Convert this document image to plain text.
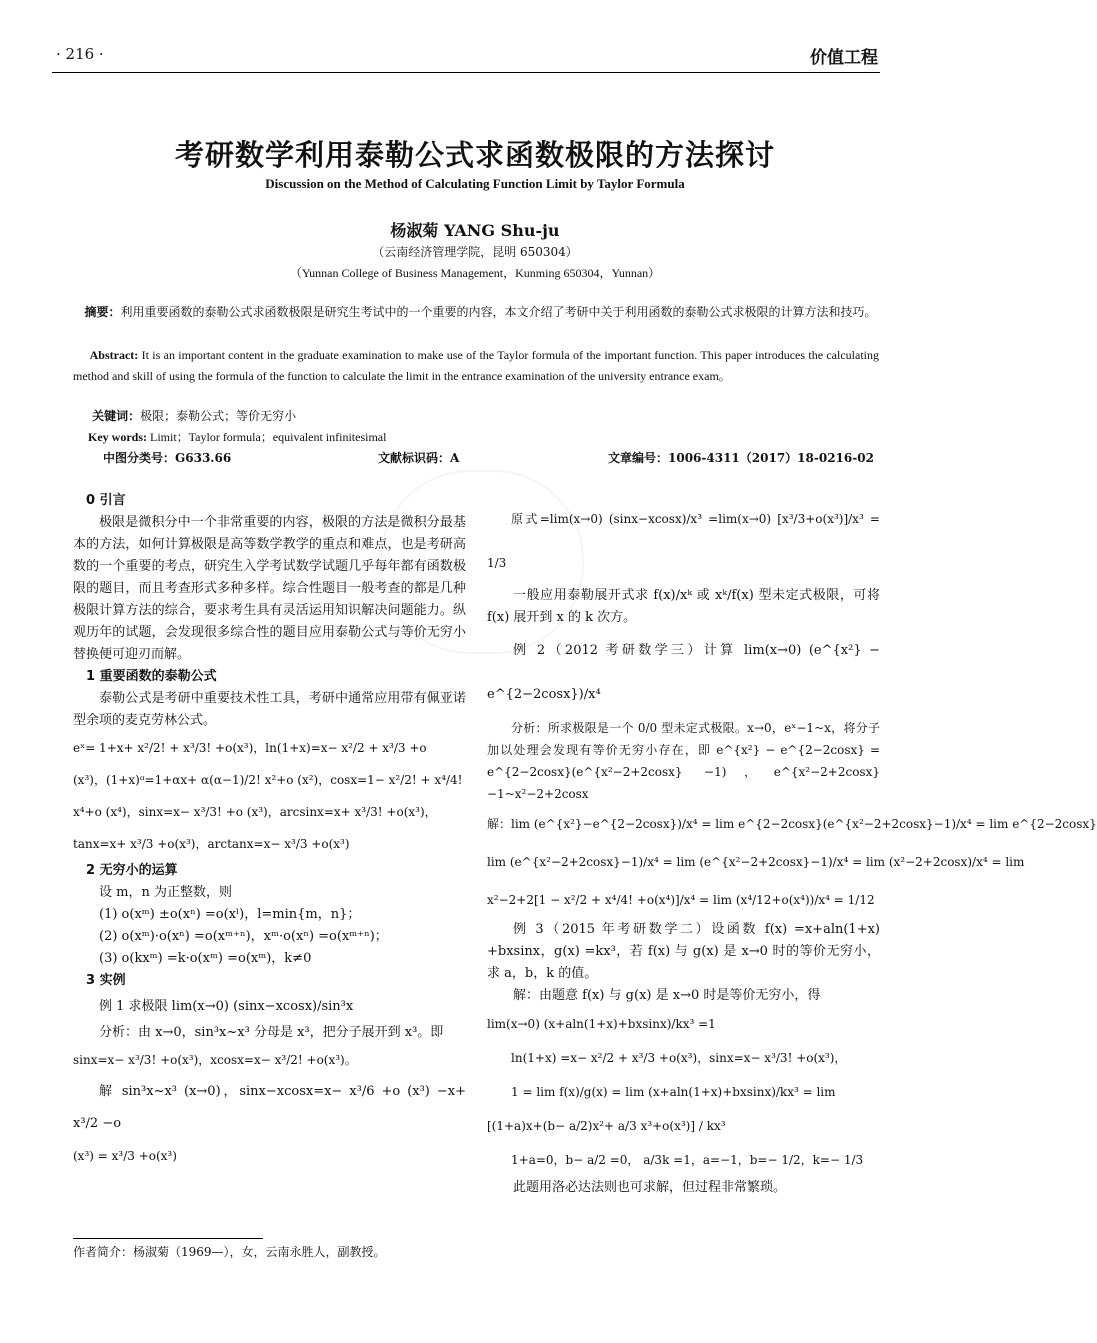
· 216 ·	价值工程
考研数学利用泰勒公式求函数极限的方法探讨
Discussion on the Method of Calculating Function Limit by Taylor Formula
杨淑菊 YANG Shu-ju
（云南经济管理学院，昆明 650304）
（Yunnan College of Business Management，Kunming 650304，Yunnan）
摘要：利用重要函数的泰勒公式求函数极限是研究生考试中的一个重要的内容，本文介绍了考研中关于利用函数的泰勒公式求极限的计算方法和技巧。
Abstract: It is an important content in the graduate examination to make use of the Taylor formula of the important function. This paper introduces the calculating method and skill of using the formula of the function to calculate the limit in the entrance examination of the university entrance exam。
关键词：极限；泰勒公式；等价无穷小
Key words: Limit；Taylor formula；equivalent infinitesimal
中图分类号：G633.66	文献标识码：A	文章编号：1006-4311（2017）18-0216-02

0 引言

极限是微积分中一个非常重要的内容，极限的方法是微积分最基本的方法，如何计算极限是高等数学教学的重点和难点，也是考研高数的一个重要的考点，研究生入学考试数学试题几乎每年都有函数极限的题目，而且考查形式多种多样。综合性题目一般考查的都是几种极限计算方法的综合，要求考生具有灵活运用知识解决问题能力。纵观历年的试题，会发现很多综合性的题目应用泰勒公式与等价无穷小替换便可迎刃而解。

1 重要函数的泰勒公式

泰勒公式是考研中重要技术性工具，考研中通常应用带有佩亚诺型余项的麦克劳林公式。

eˣ= 1+x+ x²/2! + x³/3! +o(x³)，ln(1+x)=x− x²/2 + x³/3 +o

(x³)，(1+x)ᵅ=1+αx+ α(α−1)/2! x²+o (x²)，cosx=1− x²/2! + x⁴/4!

x⁴+o (x⁴)，sinx=x− x³/3! +o (x³)，arcsinx=x+ x³/3! +o(x³)，

tanx=x+ x³/3 +o(x³)，arctanx=x− x³/3 +o(x³)

2 无穷小的运算

设 m，n 为正整数，则

(1) o(xᵐ) ±o(xⁿ) =o(xˡ)，l=min{m，n}；

(2) o(xᵐ)·o(xⁿ) =o(xᵐ⁺ⁿ)，xᵐ·o(xⁿ) =o(xᵐ⁺ⁿ)；

(3) o(kxᵐ) =k·o(xᵐ) =o(xᵐ)，k≠0

3 实例

例 1 求极限 lim(x→0) (sinx−xcosx)/sin³x

分析：由 x→0，sin³x~x³ 分母是 x³，把分子展开到 x³。即

sinx=x− x³/3! +o(x³)，xcosx=x− x³/2! +o(x³)。

解 sin³x~x³ (x→0)，sinx−xcosx=x− x³/6 +o (x³) −x+ x³/2 −o

(x³) = x³/3 +o(x³)

原式=lim(x→0) (sinx−xcosx)/x³ =lim(x→0) [x³/3+o(x³)]/x³ = 1/3

一般应用泰勒展开式求 f(x)/xᵏ 或 xᵏ/f(x) 型未定式极限，可将 f(x) 展开到 x 的 k 次方。

例 2（2012 考研数学三）计算 lim(x→0) (e^{x²} − e^{2−2cosx})/x⁴

分析：所求极限是一个 0/0 型未定式极限。x→0，eˣ−1~x，将分子加以处理会发现有等价无穷小存在，即 e^{x²} − e^{2−2cosx} = e^{2−2cosx}(e^{x²−2+2cosx} −1)，e^{x²−2+2cosx} −1~x²−2+2cosx

解：lim (e^{x²}−e^{2−2cosx})/x⁴ = lim e^{2−2cosx}(e^{x²−2+2cosx}−1)/x⁴ = lim e^{2−2cosx}

lim (e^{x²−2+2cosx}−1)/x⁴ = lim (e^{x²−2+2cosx}−1)/x⁴ = lim (x²−2+2cosx)/x⁴ = lim

x²−2+2[1 − x²/2 + x⁴/4! +o(x⁴)]/x⁴ = lim (x⁴/12+o(x⁴))/x⁴ = 1/12

例 3（2015 年考研数学二）设函数 f(x) =x+aln(1+x) +bxsinx，g(x) =kx³，若 f(x) 与 g(x) 是 x→0 时的等价无穷小，求 a，b，k 的值。

解：由题意 f(x) 与 g(x) 是 x→0 时是等价无穷小，得

lim(x→0) (x+aln(1+x)+bxsinx)/kx³ =1

ln(1+x) =x− x²/2 + x³/3 +o(x³)，sinx=x− x³/3! +o(x³)，

1 = lim f(x)/g(x) = lim (x+aln(1+x)+bxsinx)/kx³ = lim

[(1+a)x+(b− a/2)x²+ a/3 x³+o(x³)] / kx³

1+a=0，b− a/2 =0， a/3k =1，a=−1，b=− 1/2，k=− 1/3

此题用洛必达法则也可求解，但过程非常繁琐。

作者简介：杨淑菊（1969—），女，云南永胜人，副教授。
